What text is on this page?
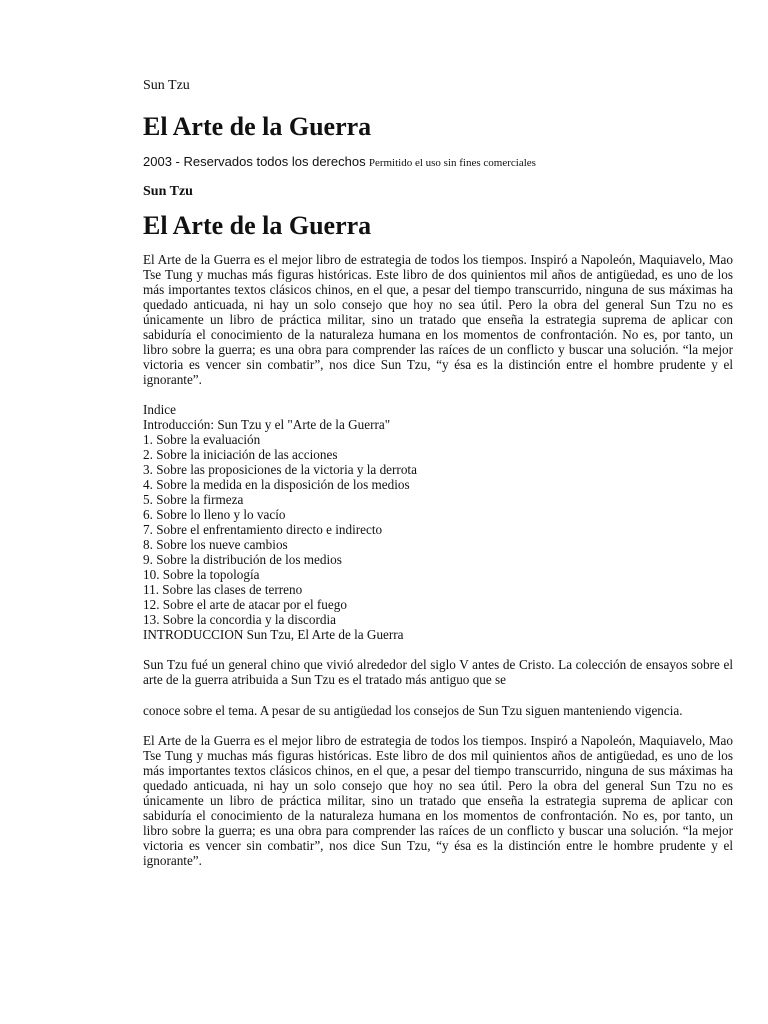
Sun Tzu

El Arte de la Guerra

2003 - Reservados todos los derechos Permitido el uso sin fines comerciales

Sun Tzu

El Arte de la Guerra

El Arte de la Guerra es el mejor libro de estrategia de todos los tiempos. Inspiró a Napoleón, Maquiavelo, Mao Tse Tung y muchas más figuras históricas. Este libro de dos quinientos mil años de antigüedad, es uno de los más importantes textos clásicos chinos, en el que, a pesar del tiempo transcurrido, ninguna de sus máximas ha quedado anticuada, ni hay un solo consejo que hoy no sea útil. Pero la obra del general Sun Tzu no es únicamente un libro de práctica militar, sino un tratado que enseña la estrategia suprema de aplicar con sabiduría el conocimiento de la naturaleza humana en los momentos de confrontación. No es, por tanto, un libro sobre la guerra; es una obra para comprender las raíces de un conflicto y buscar una solución. “la mejor victoria es vencer sin combatir”, nos dice Sun Tzu, “y ésa es la distinción entre el hombre prudente y el ignorante”.

Indice
Introducción: Sun Tzu y el "Arte de la Guerra"
1. Sobre la evaluación
2. Sobre la iniciación de las acciones
3. Sobre las proposiciones de la victoria y la derrota
4. Sobre la medida en la disposición de los medios
5. Sobre la firmeza
6. Sobre lo lleno y lo vacío
7. Sobre el enfrentamiento directo e indirecto
8. Sobre los nueve cambios
9. Sobre la distribución de los medios
10. Sobre la topología
11. Sobre las clases de terreno
12. Sobre el arte de atacar por el fuego
13. Sobre la concordia y la discordia
INTRODUCCION Sun Tzu, El Arte de la Guerra

Sun Tzu fué un general chino que vivió alrededor del siglo V antes de Cristo. La colección de ensayos sobre el arte de la guerra atribuida a Sun Tzu es el tratado más antiguo que se

conoce sobre el tema. A pesar de su antigüedad los consejos de Sun Tzu siguen manteniendo vigencia.

El Arte de la Guerra es el mejor libro de estrategia de todos los tiempos. Inspiró a Napoleón, Maquiavelo, Mao Tse Tung y muchas más figuras históricas. Este libro de dos mil quinientos años de antigüedad, es uno de los más importantes textos clásicos chinos, en el que, a pesar del tiempo transcurrido, ninguna de sus máximas ha quedado anticuada, ni hay un solo consejo que hoy no sea útil. Pero la obra del general Sun Tzu no es únicamente un libro de práctica militar, sino un tratado que enseña la estrategia suprema de aplicar con sabiduría el conocimiento de la naturaleza humana en los momentos de confrontación. No es, por tanto, un libro sobre la guerra; es una obra para comprender las raíces de un conflicto y buscar una solución. “la mejor victoria es vencer sin combatir”, nos dice Sun Tzu, “y ésa es la distinción entre le hombre prudente y el ignorante”.
